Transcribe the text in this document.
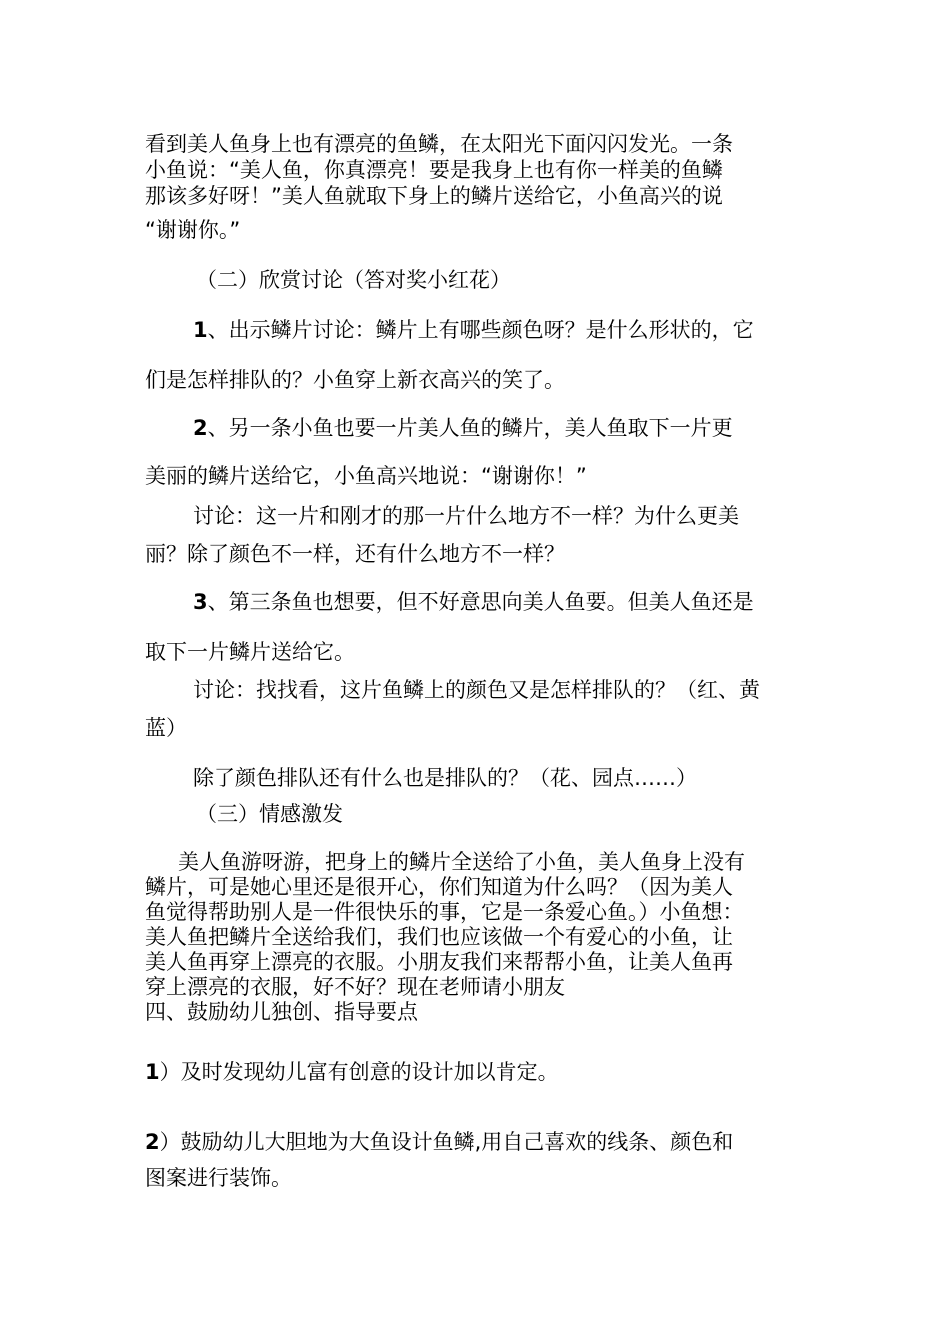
看到美人鱼身上也有漂亮的鱼鳞，在太阳光下面闪闪发光。一条

小鱼说：“美人鱼，你真漂亮！要是我身上也有你一样美的鱼鳞

那该多好呀！”美人鱼就取下身上的鳞片送给它，小鱼高兴的说

“谢谢你。”

（二）欣赏讨论（答对奖小红花）

1、出示鳞片讨论：鳞片上有哪些颜色呀？是什么形状的，它

们是怎样排队的？小鱼穿上新衣高兴的笑了。

2、另一条小鱼也要一片美人鱼的鳞片，美人鱼取下一片更

美丽的鳞片送给它，小鱼高兴地说：“谢谢你！”

讨论：这一片和刚才的那一片什么地方不一样？为什么更美

丽？除了颜色不一样，还有什么地方不一样？

3、第三条鱼也想要，但不好意思向美人鱼要。但美人鱼还是

取下一片鳞片送给它。

讨论：找找看，这片鱼鳞上的颜色又是怎样排队的？（红、黄

蓝）

除了颜色排队还有什么也是排队的？（花、园点……）

（三）情感激发

美人鱼游呀游，把身上的鳞片全送给了小鱼，美人鱼身上没有

鳞片，可是她心里还是很开心，你们知道为什么吗？（因为美人

鱼觉得帮助别人是一件很快乐的事，它是一条爱心鱼。）小鱼想：

美人鱼把鳞片全送给我们，我们也应该做一个有爱心的小鱼，让

美人鱼再穿上漂亮的衣服。小朋友我们来帮帮小鱼，让美人鱼再

穿上漂亮的衣服，好不好？现在老师请小朋友

四、鼓励幼儿独创、指导要点

1）及时发现幼儿富有创意的设计加以肯定。

2）鼓励幼儿大胆地为大鱼设计鱼鳞,用自己喜欢的线条、颜色和

图案进行装饰。
